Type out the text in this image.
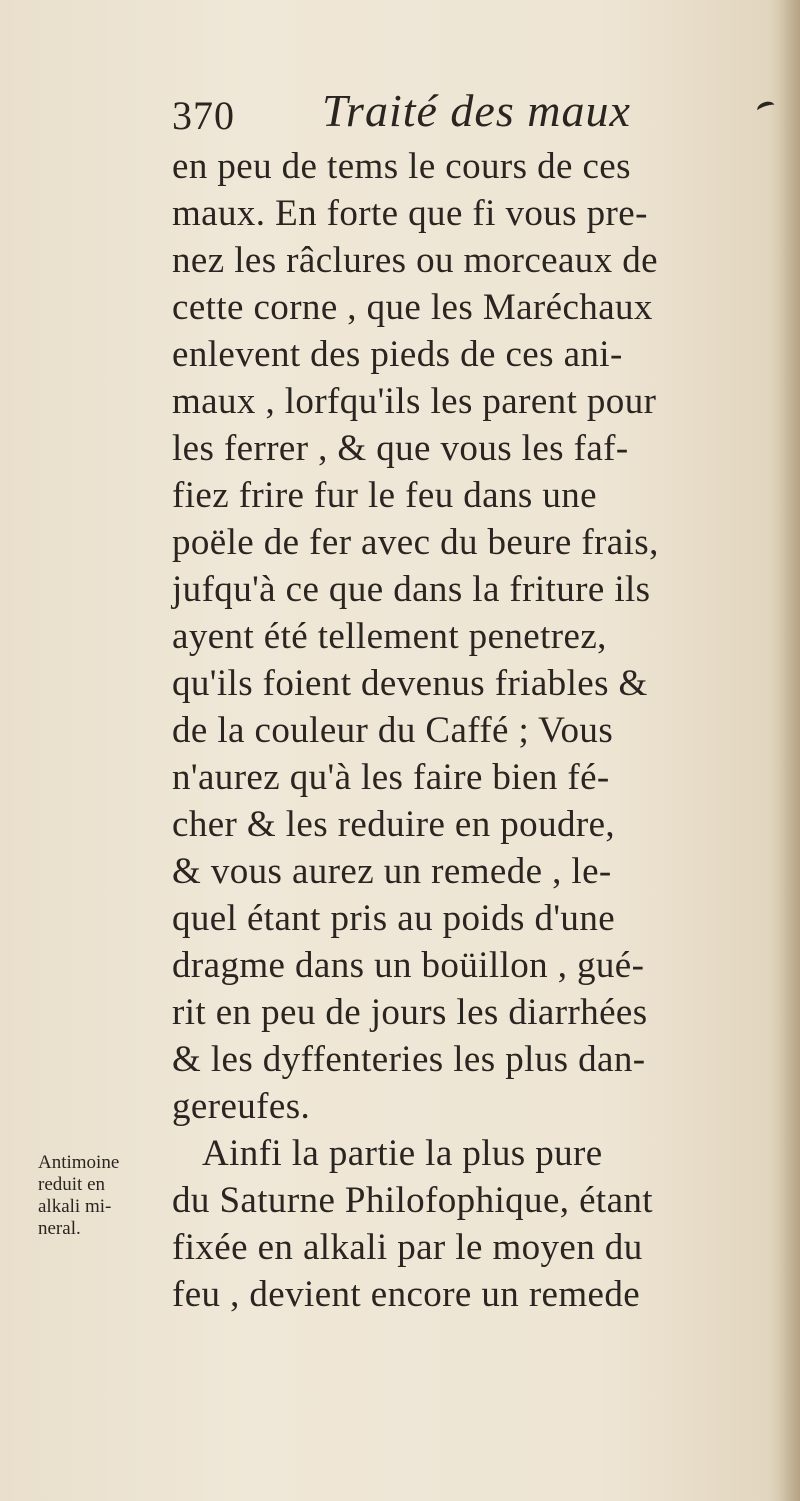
370 Traité des maux
en peu de tems le cours de ces
maux. En forte que fi vous pre-
nez les râclures ou morceaux de
cette corne , que les Maréchaux
enlevent des pieds de ces ani-
maux , lorfqu'ils les parent pour
les ferrer , & que vous les faf-
fiez frire fur le feu dans une
poële de fer avec du beure frais,
jufqu'à ce que dans la friture ils
ayent été tellement penetrez,
qu'ils foient devenus friables &
de la couleur du Caffé ; Vous
n'aurez qu'à les faire bien fé-
cher & les reduire en poudre,
& vous aurez un remede , le-
quel étant pris au poids d'une
dragme dans un boüillon , gué-
rit en peu de jours les diarrhées
& les dyffenteries les plus dan-
gereufes.
Ainfi la partie la plus pure
du Saturne Philofophique, étant
fixée en alkali par le moyen du
feu , devient encore un remede
Antimoine
reduit en
alkali mi-
neral.
